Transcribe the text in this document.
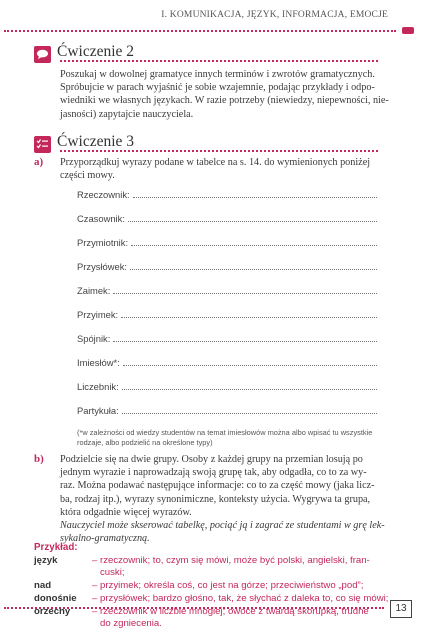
I. KOMUNIKACJA, JĘZYK, INFORMACJA, EMOCJE
Ćwiczenie 2
Poszukaj w dowolnej gramatyce innych terminów i zwrotów gramatycznych.
Spróbujcie w parach wyjaśnić je sobie wzajemnie, podając przykłady i odpo-
wiedniki we własnych językach. W razie potrzeby (niewiedzy, niepewności, nie-
jasności) zapytajcie nauczyciela.
Ćwiczenie 3
a) Przyporządkuj wyrazy podane w tabelce na s. 14. do wymienionych poniżej
części mowy.
Rzeczownik:
Czasownik:
Przymiotnik:
Przysłówek:
Zaimek:
Przyimek:
Spójnik:
Imiesłów*:
Liczebnik:
Partykuła:
(*w zależności od wiedzy studentów na temat imiesłowów można albo wpisać tu wszystkie
rodzaje, albo podzielić na określone typy)
b) Podzielcie się na dwie grupy. Osoby z każdej grupy na przemian losują po
jednym wyrazie i naprowadzają swoją grupę tak, aby odgadła, co to za wy-
raz. Można podawać następujące informacje: co to za część mowy (jaka licz-
ba, rodzaj itp.), wyrazy synonimiczne, konteksty użycia. Wygrywa ta grupa,
która odgadnie więcej wyrazów.
Nauczyciel może skserować tabelkę, pociąć ją i zagrać ze studentami w grę lek-
sykalno-gramatyczną.
Przykład:
język	– rzeczownik; to, czym się mówi, może być polski, angielski, fran-
cuski;
nad	– przyimek; określa coś, co jest na górze; przeciwieństwo „pod”;
donośnie – przysłówek; bardzo głośno, tak, że słychać z daleka to, co się mówi;
orzechy – rzeczownik w liczbie mnogiej; owoce z twardą skorupką, trudne
do zgniecenia.
13
